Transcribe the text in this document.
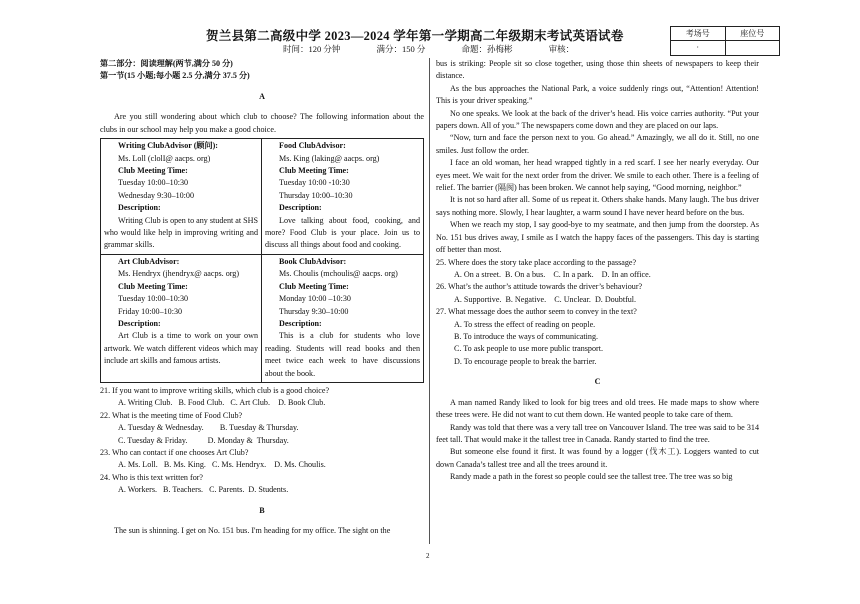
贺兰县第二高级中学 2023—2024 学年第一学期高二年级期末考试英语试卷
时间：120 分钟	满分：150 分	命题：孙梅彬	审核：
考场号	座位号
·

第二部分：阅读理解(两节,满分 50 分)

第一节(15 小题;每小题 2.5 分,满分 37.5 分)

A

Are you still wondering about which club to choose? The following information about the clubs in our school may help you make a good choice.

Writing ClubAdvisor (顾问):

Ms. Loll (clolI@ aacps. org)

Club Meeting Time:

Tuesday 10:00–10:30

Wednesday 9:30–10:00

Description:

Writing Club is open to any student at SHS who would like help in improving writing and grammar skills.

Food ClubAdvisor:

Ms. King (laking@ aacps. org)

Club Meeting Time:

Tuesday 10:00 -10:30

Thursday 10:00–10:30

Description:

Love talking about food, cooking, and more? Food Club is your place. Join us to discuss all things about food and cooking.

Art ClubAdvisor:

Ms. Hendryx (jhendryx@ aacps. org)

Club Meeting Time:

Tuesday 10:00–10:30

Friday 10:00–10:30

Description:

Art Club is a time to work on your own artwork. We watch different videos which may include art skills and famous artists.

Book ClubAdvisor:

Ms. Choulis (mchoulis@ aacps. org)

Club Meeting Time:

Monday 10:00 –10:30

Thursday 9:30–10:00

Description:

This is a club for students who love reading. Students will read books and then meet twice each week to have discussions about the book.

21. If you want to improve writing skills, which club is a good choice?

A. Writing Club.   B. Food Club.   C. Art Club.    D. Book Club.

22. What is the meeting time of Food Club?

A. Tuesday & Wednesday.        B. Tuesday & Thursday.

C. Tuesday & Friday.          D. Monday &  Thursday.

23. Who can contact if one chooses Art Club?

A. Ms. Loll.   B. Ms. King.   C. Ms. Hendryx.    D. Ms. Choulis.

24. Who is this text written for?

A. Workers.   B. Teachers.   C. Parents.  D. Students.

B

The sun is shinning. I get on No. 151 bus. I'm heading for my office. The sight on the

bus is striking: People sit so close together, using those thin sheets of newspapers to keep their distance.

As the bus approaches the National Park, a voice suddenly rings out, “Attention! Attention! This is your driver speaking.”

No one speaks. We look at the back of the driver’s head. His voice carries authority. “Put your papers down. All of you.” The newspapers come down and they are placed on our laps.

“Now, turn and face the person next to you. Go ahead.” Amazingly, we all do it. Still, no one smiles. Just follow the order.

I face an old woman, her head wrapped tightly in a red scarf. I see her nearly everyday. Our eyes meet. We wait for the next order from the driver. We smile to each other. There is a feeling of relief. The barrier (隔阂) has been broken. We cannot help saying, “Good morning, neighbor.”

It is not so hard after all. Some of us repeat it. Others shake hands. Many laugh. The bus driver says nothing more. Slowly, I hear laughter, a warm sound I have never heard before on the bus.

When we reach my stop, I say good-bye to my seatmate, and then jump from the doorstep. As No. 151 bus drives away, I smile as I watch the happy faces of the passengers. This day is starting off better than most.

25. Where does the story take place according to the passage?

A. On a street.  B. On a bus.    C. In a park.    D. In an office.

26. What’s the author’s attitude towards the driver’s behaviour?

A. Supportive.  B. Negative.    C. Unclear.  D. Doubtful.

27. What message does the author seem to convey in the text?

A. To stress the effect of reading on people.

B. To introduce the ways of communicating.

C. To ask people to use more public transport.

D. To encourage people to break the barrier.

C

A man named Randy liked to look for big trees and old trees. He made maps to show where these trees were. He did not want to cut them down. He wanted people to take care of them.

Randy was told that there was a very tall tree on Vancouver Island. The tree was said to be 314 feet tall. That would make it the tallest tree in Canada. Randy started to find the tree.

But someone else found it first. It was found by a logger (伐木工). Loggers wanted to cut down Canada’s tallest tree and all the trees around it.

Randy made a path in the forest so people could see the tallest tree. The tree was so big

2
